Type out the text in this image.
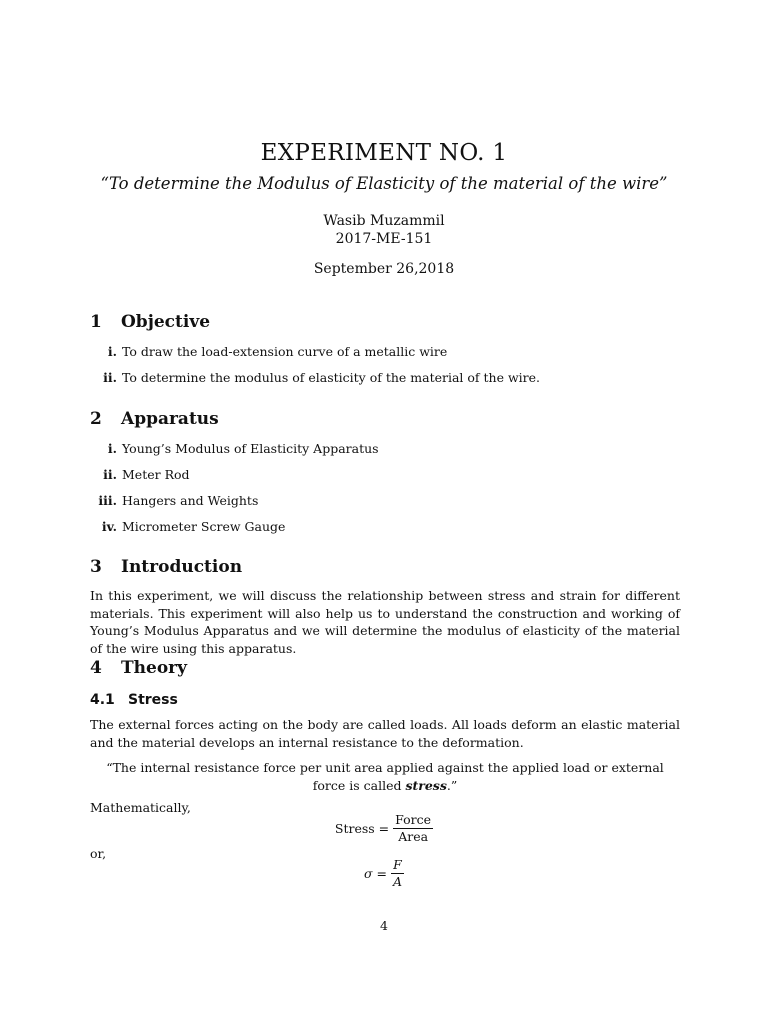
EXPERIMENT NO. 1
“To determine the Modulus of Elasticity of the material of the wire”
Wasib Muzammil
2017-ME-151
September 26,2018
1 Objective
i. To draw the load-extension curve of a metallic wire
ii. To determine the modulus of elasticity of the material of the wire.
2 Apparatus
i. Young’s Modulus of Elasticity Apparatus
ii. Meter Rod
iii. Hangers and Weights
iv. Micrometer Screw Gauge
3 Introduction

In this experiment, we will discuss the relationship between stress and strain for different materials. This experiment will also help us to understand the construction and working of Young’s Modulus Apparatus and we will determine the modulus of elasticity of the material of the wire using this apparatus.

4 Theory
4.1 Stress

The external forces acting on the body are called loads. All loads deform an elastic material and the material develops an internal resistance to the deformation.

“The internal resistance force per unit area applied against the applied load or external force is called stress.”

Mathematically,
Stress = $\frac{\text{Force}}{\text{Area}}$
or,
$\sigma = \frac{F}{A}$
4
